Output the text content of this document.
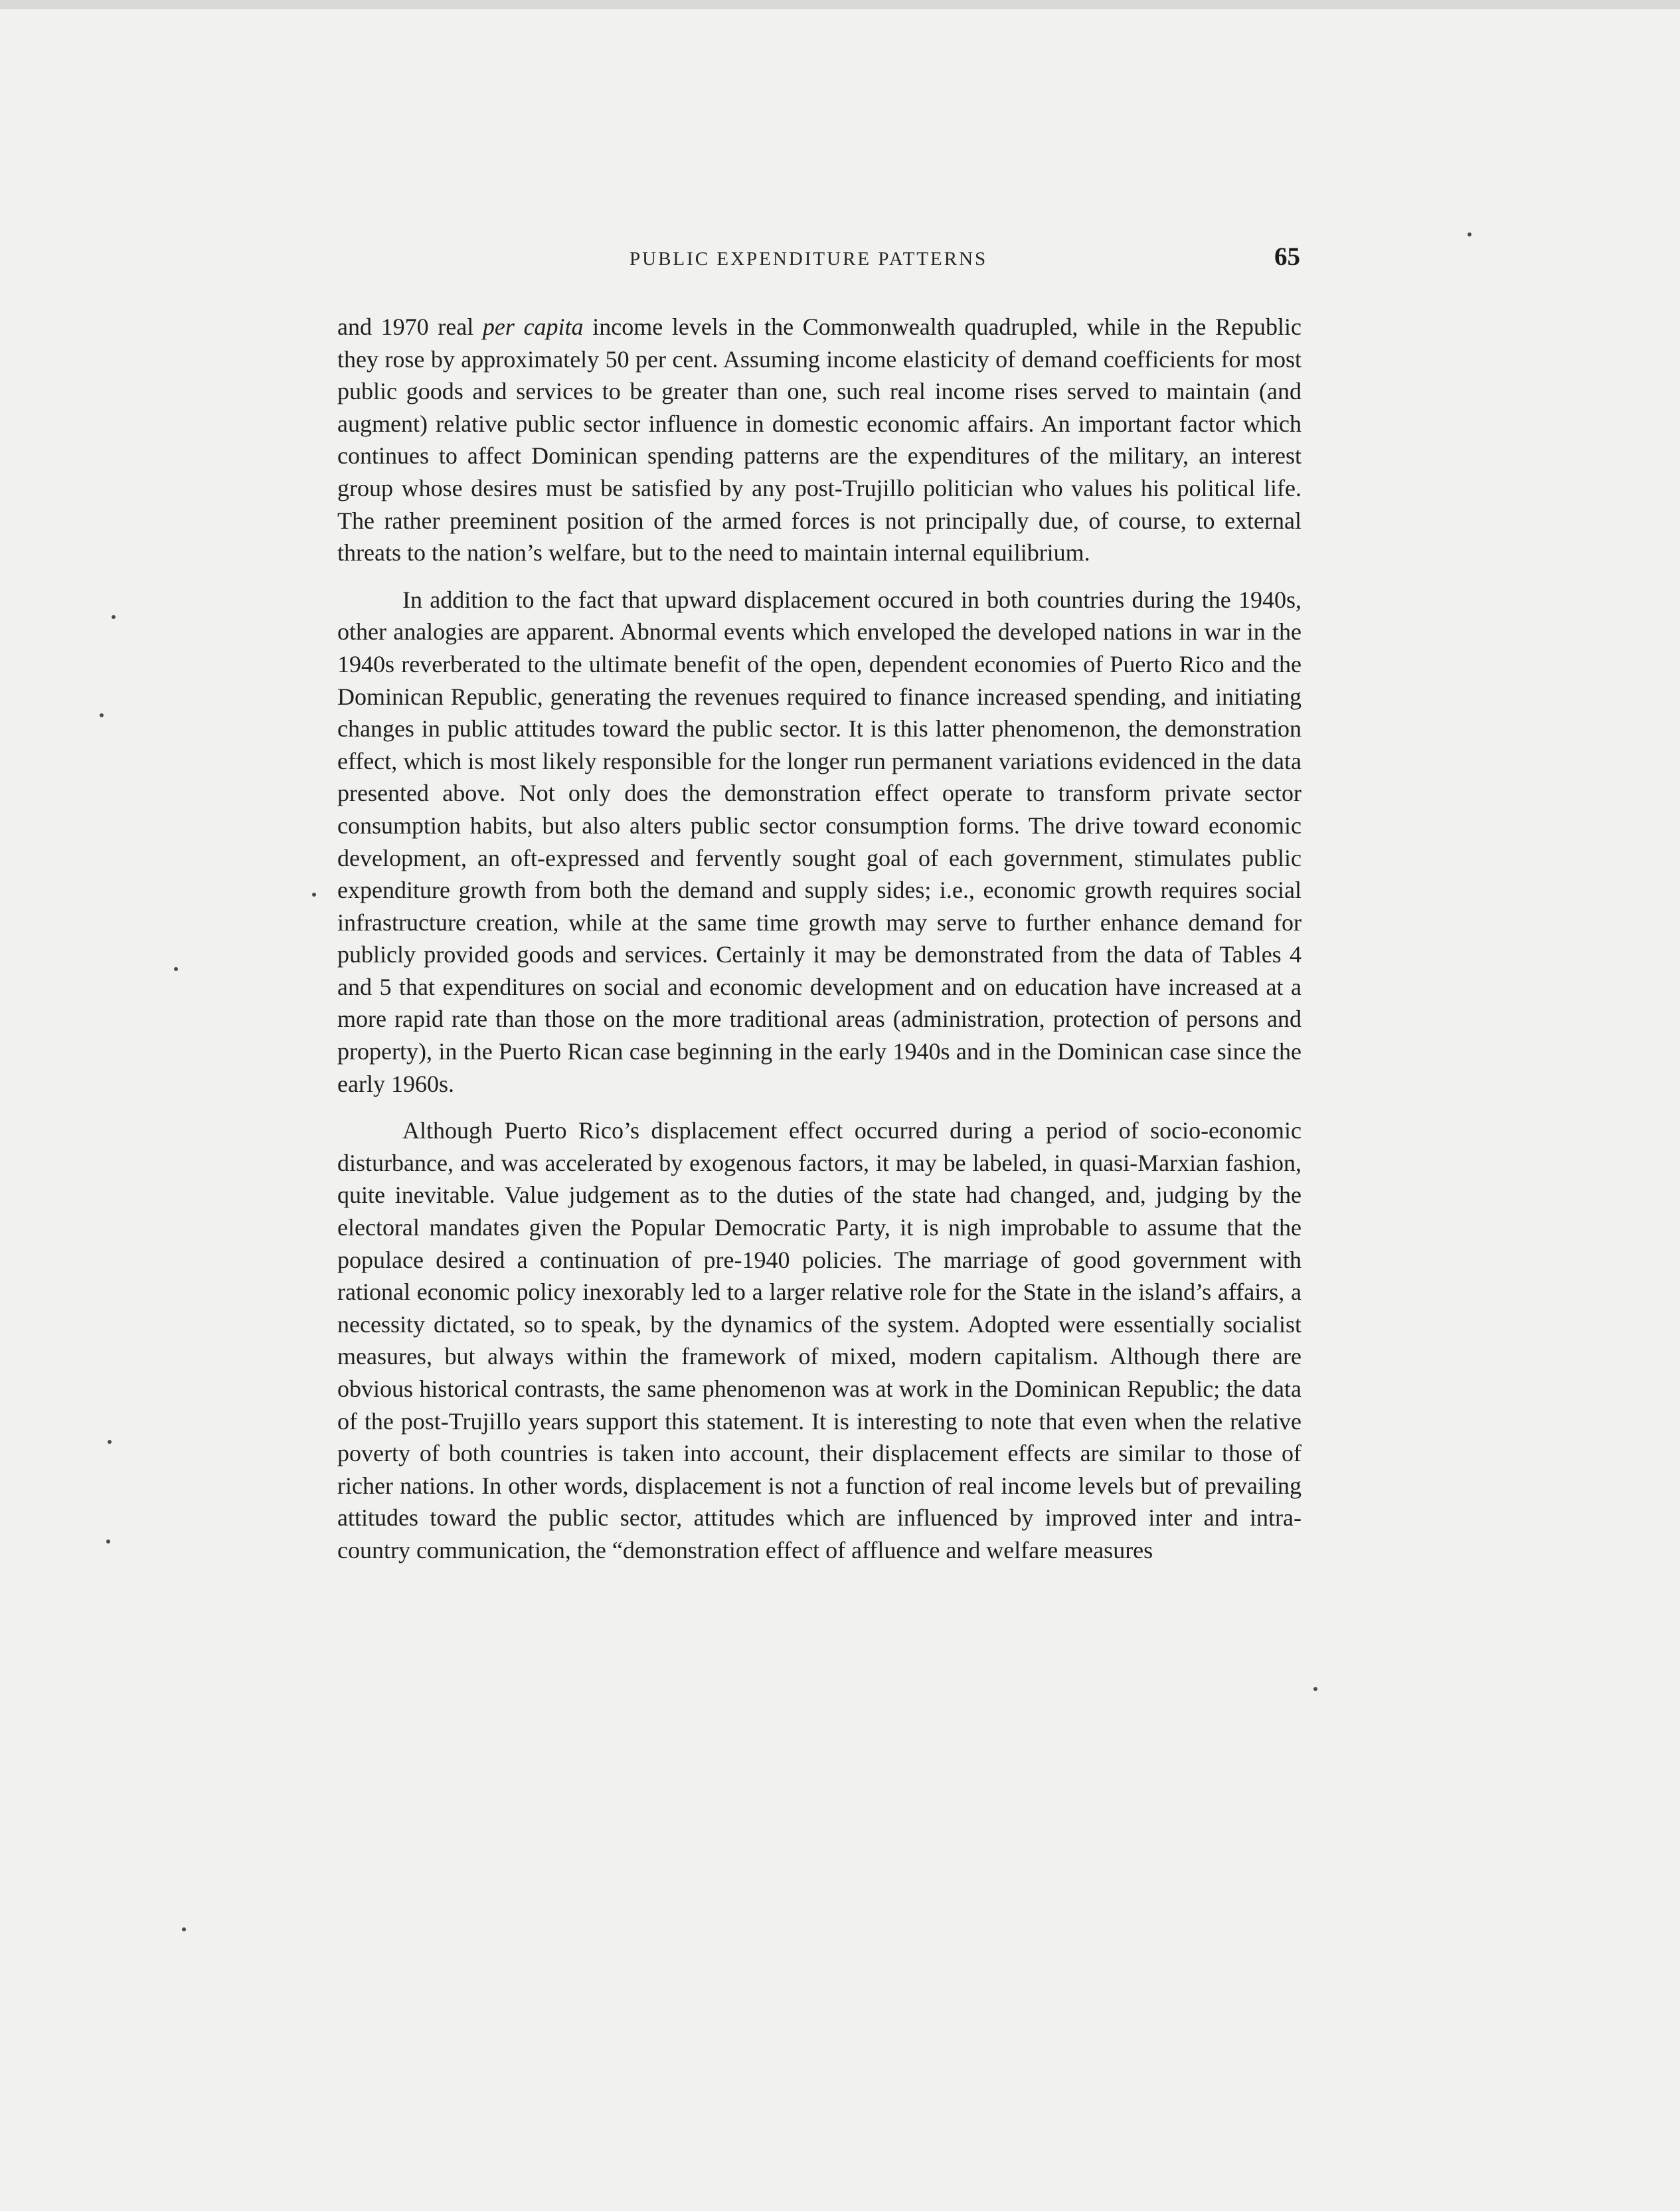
PUBLIC EXPENDITURE PATTERNS	65

and 1970 real per capita income levels in the Commonwealth quadrupled, while in the Republic they rose by approximately 50 per cent. Assuming income elasticity of demand coefficients for most public goods and services to be greater than one, such real income rises served to maintain (and augment) relative public sector influence in domestic economic affairs. An important factor which continues to affect Dominican spending patterns are the expenditures of the military, an interest group whose desires must be satisfied by any post-Trujillo politician who values his political life. The rather preeminent position of the armed forces is not principally due, of course, to external threats to the nation’s welfare, but to the need to maintain internal equilibrium.

In addition to the fact that upward displacement occured in both countries during the 1940s, other analogies are apparent. Abnormal events which enveloped the developed nations in war in the 1940s reverberated to the ultimate benefit of the open, dependent economies of Puerto Rico and the Dominican Republic, generating the revenues required to finance increased spending, and initiating changes in public attitudes toward the public sector. It is this latter phenomenon, the demonstration effect, which is most likely responsible for the longer run permanent variations evidenced in the data presented above. Not only does the demonstration effect operate to transform private sector consumption habits, but also alters public sector consumption forms. The drive toward economic development, an oft-expressed and fervently sought goal of each government, stimulates public expenditure growth from both the demand and supply sides; i.e., economic growth requires social infrastructure creation, while at the same time growth may serve to further enhance demand for publicly provided goods and services. Certainly it may be demonstrated from the data of Tables 4 and 5 that expenditures on social and economic development and on education have increased at a more rapid rate than those on the more traditional areas (administration, protection of persons and property), in the Puerto Rican case beginning in the early 1940s and in the Dominican case since the early 1960s.

Although Puerto Rico’s displacement effect occurred during a period of socio-economic disturbance, and was accelerated by exogenous factors, it may be labeled, in quasi-Marxian fashion, quite inevitable. Value judgement as to the duties of the state had changed, and, judging by the electoral mandates given the Popular Democratic Party, it is nigh improbable to assume that the populace desired a continuation of pre-1940 policies. The marriage of good government with rational economic policy inexorably led to a larger relative role for the State in the island’s affairs, a necessity dictated, so to speak, by the dynamics of the system. Adopted were essentially socialist measures, but always within the framework of mixed, modern capitalism. Although there are obvious historical contrasts, the same phenomenon was at work in the Dominican Republic; the data of the post-Trujillo years support this statement. It is interesting to note that even when the relative poverty of both countries is taken into account, their displacement effects are similar to those of richer nations. In other words, displacement is not a function of real income levels but of prevailing attitudes toward the public sector, attitudes which are influenced by improved inter and intra-country communication, the “demonstration effect of affluence and welfare measures
